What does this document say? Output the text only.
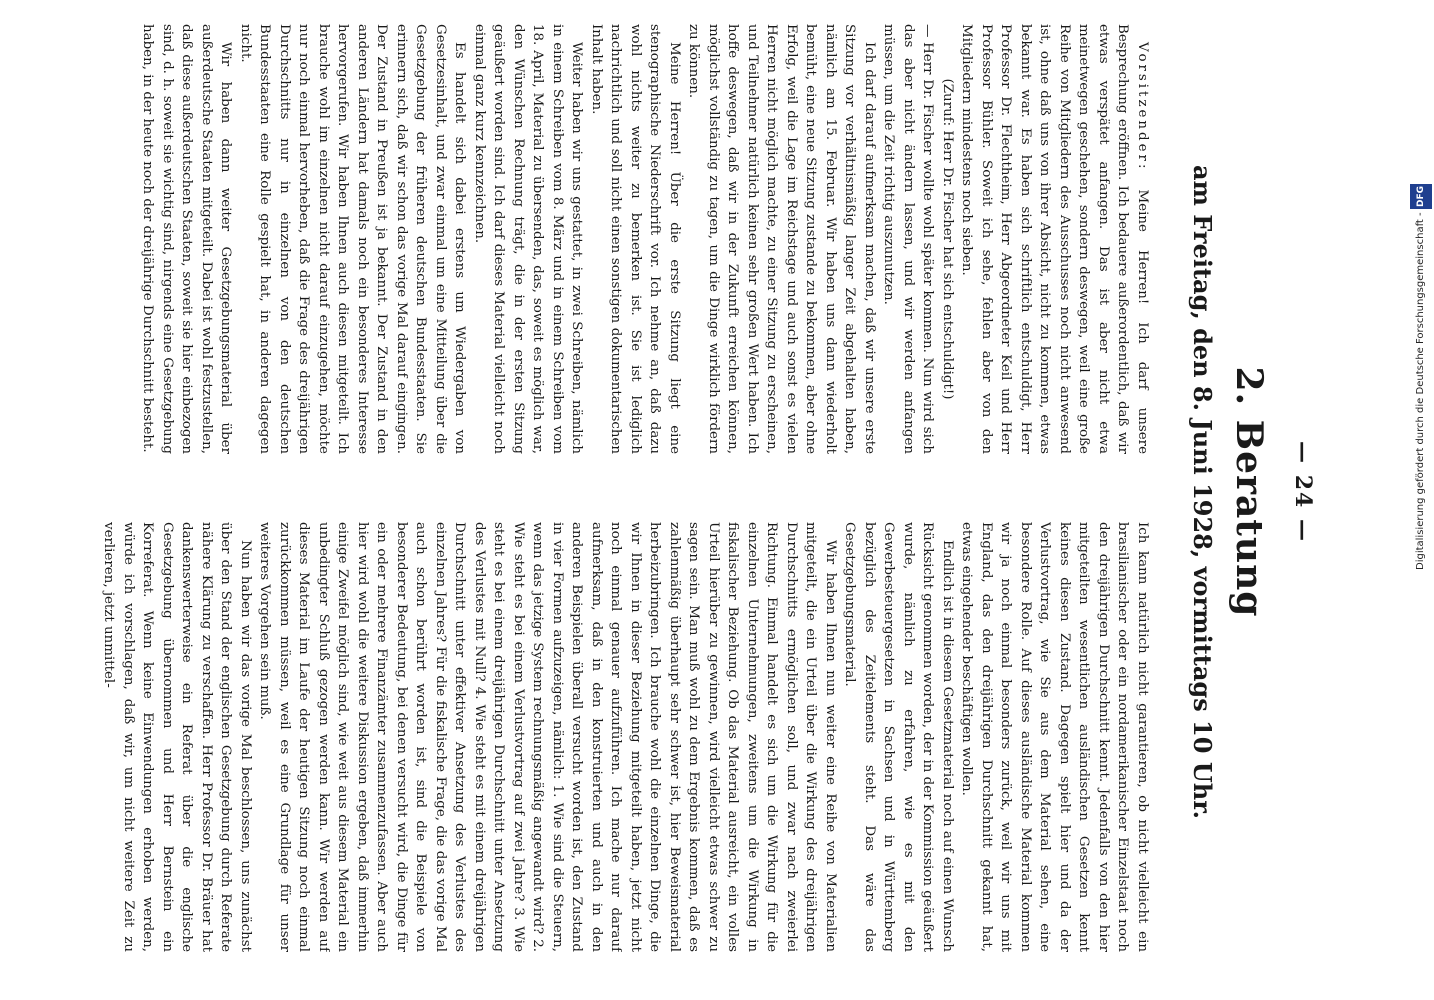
— 24 —
2. Beratung
am Freitag, den 8. Juni 1928, vormittags 10 Uhr.

Vorsitzender: Meine Herren! Ich darf unsere Besprechung eröffnen. Ich bedauere außerordentlich, daß wir etwas verspätet anfangen. Das ist aber nicht etwa meinetwegen geschehen, sondern deswegen, weil eine große Reihe von Mitgliedern des Ausschusses noch nicht anwesend ist, ohne daß uns von ihrer Absicht, nicht zu kommen, etwas bekannt war. Es haben sich schriftlich entschuldigt, Herr Professor Dr. Flechtheim, Herr Abgeordneter Keil und Herr Professor Bühler. Soweit ich sehe, fehlen aber von den Mitgliedern mindestens noch sieben.

(Zuruf: Herr Dr. Fischer hat sich entschuldigt!)

— Herr Dr. Fischer wollte wohl später kommen. Nun wird sich das aber nicht ändern lassen, und wir werden anfangen müssen, um die Zeit richtig auszunutzen.

Ich darf darauf aufmerksam machen, daß wir unsere erste Sitzung vor verhältnismäßig langer Zeit abgehalten haben, nämlich am 15. Februar. Wir haben uns dann wiederholt bemüht, eine neue Sitzung zustande zu bekommen, aber ohne Erfolg, weil die Lage im Reichstage und auch sonst es vielen Herren nicht möglich machte, zu einer Sitzung zu erscheinen, und Teilnehmer natürlich keinen sehr großen Wert haben. Ich hoffe deswegen, daß wir in der Zukunft erreichen können, möglichst vollständig zu tagen, um die Dinge wirklich fördern zu können.

Meine Herren! Über die erste Sitzung liegt eine stenographische Niederschrift vor. Ich nehme an, daß dazu wohl nichts weiter zu bemerken ist. Sie ist lediglich nachrichtlich und soll nicht einen sonstigen dokumentarischen Inhalt haben.

Weiter haben wir uns gestattet, in zwei Schreiben, nämlich in einem Schreiben vom 8. März und in einem Schreiben vom 18. April, Material zu übersenden, das, soweit es möglich war, den Wünschen Rechnung trägt, die in der ersten Sitzung geäußert worden sind. Ich darf dieses Material vielleicht noch einmal ganz kurz kennzeichnen.

Es handelt sich dabei erstens um Wiedergaben von Gesetzesinhalt, und zwar einmal um eine Mitteilung über die Gesetzgebung der früheren deutschen Bundesstaaten. Sie erinnern sich, daß wir schon das vorige Mal darauf eingingen. Der Zustand in Preußen ist ja bekannt. Der Zustand in den anderen Ländern hat damals noch ein besonderes Interesse hervorgerufen. Wir haben Ihnen auch diesen mitgeteilt. Ich brauche wohl im einzelnen nicht darauf einzugehen, möchte nur noch einmal hervorheben, daß die Frage des dreijährigen Durchschnitts nur in einzelnen von den deutschen Bundesstaaten eine Rolle gespielt hat, in anderen dagegen nicht.

Wir haben dann weiter Gesetzgebungsmaterial über außerdeutsche Staaten mitgeteilt. Dabei ist wohl festzustellen, daß diese außerdeutschen Staaten, soweit sie hier einbezogen sind, d. h. soweit sie wichtig sind, nirgends eine Gesetzgebung haben, in der heute noch der dreijährige Durchschnitt besteht.

Ich kann natürlich nicht garantieren, ob nicht vielleicht ein brasilianischer oder ein nordamerikanischer Einzelstaat noch den dreijährigen Durchschnitt kennt. Jedenfalls von den hier mitgeteilten wesentlichen ausländischen Gesetzen kennt keines diesen Zustand. Dagegen spielt hier und da der Verlustvortrag, wie Sie aus dem Material sehen, eine besondere Rolle. Auf dieses ausländische Material kommen wir ja noch einmal besonders zurück, weil wir uns mit England, das den dreijährigen Durchschnitt gekannt hat, etwas eingehender beschäftigen wollen.

Endlich ist in diesem Gesetzmaterial noch auf einen Wunsch Rücksicht genommen worden, der in der Kommission geäußert wurde, nämlich zu erfahren, wie es mit den Gewerbesteuergesetzen in Sachsen und in Württemberg bezüglich des Zeitelements steht. Das wäre das Gesetzgebungsmaterial.

Wir haben Ihnen nun weiter eine Reihe von Materialien mitgeteilt, die ein Urteil über die Wirkung des dreijährigen Durchschnitts ermöglichen soll, und zwar nach zweierlei Richtung. Einmal handelt es sich um die Wirkung für die einzelnen Unternehmungen, zweitens um die Wirkung in fiskalischer Beziehung. Ob das Material ausreicht, ein volles Urteil hierüber zu gewinnen, wird vielleicht etwas schwer zu sagen sein. Man muß wohl zu dem Ergebnis kommen, daß es zahlenmäßig überhaupt sehr schwer ist, hier Beweismaterial herbeizubringen. Ich brauche wohl die einzelnen Dinge, die wir Ihnen in dieser Beziehung mitgeteilt haben, jetzt nicht noch einmal genauer aufzuführen. Ich mache nur darauf aufmerksam, daß in den konstruierten und auch in den anderen Beispielen überall versucht worden ist, den Zustand in vier Formen aufzuzeigen, nämlich: 1. Wie sind die Steuern, wenn das jetzige System rechnungsmäßig angewandt wird? 2. Wie steht es bei einem Verlustvortrag auf zwei Jahre? 3. Wie steht es bei einem dreijährigen Durchschnitt unter Ansetzung des Verlustes mit Null? 4. Wie steht es mit einem dreijährigen Durchschnitt unter effektiver Ansetzung des Verlustes des einzelnen Jahres? Für die fiskalische Frage, die das vorige Mal auch schon berührt worden ist, sind die Beispiele von besonderer Bedeutung, bei denen versucht wird, die Dinge für ein oder mehrere Finanzämter zusammenzufassen. Aber auch hier wird wohl die weitere Diskussion ergeben, daß immerhin einige Zweifel möglich sind, wie weit aus diesem Material ein unbedingter Schluß gezogen werden kann. Wir werden auf dieses Material im Laufe der heutigen Sitzung noch einmal zurückkommen müssen, weil es eine Grundlage für unser weiteres Vorgehen sein muß.

Nun haben wir das vorige Mal beschlossen, uns zunächst über den Stand der englischen Gesetzgebung durch Referate nähere Klärung zu verschaffen. Herr Professor Dr. Bräuer hat dankenswerterweise ein Referat über die englische Gesetzgebung übernommen und Herr Bernstein ein Korreferat. Wenn keine Einwendungen erhoben werden, würde ich vorschlagen, daß wir, um nicht weitere Zeit zu verlieren, jetzt unmittel-

Digitalisierung gefördert durch die Deutsche Forschungsgemeinschaft - DFG
